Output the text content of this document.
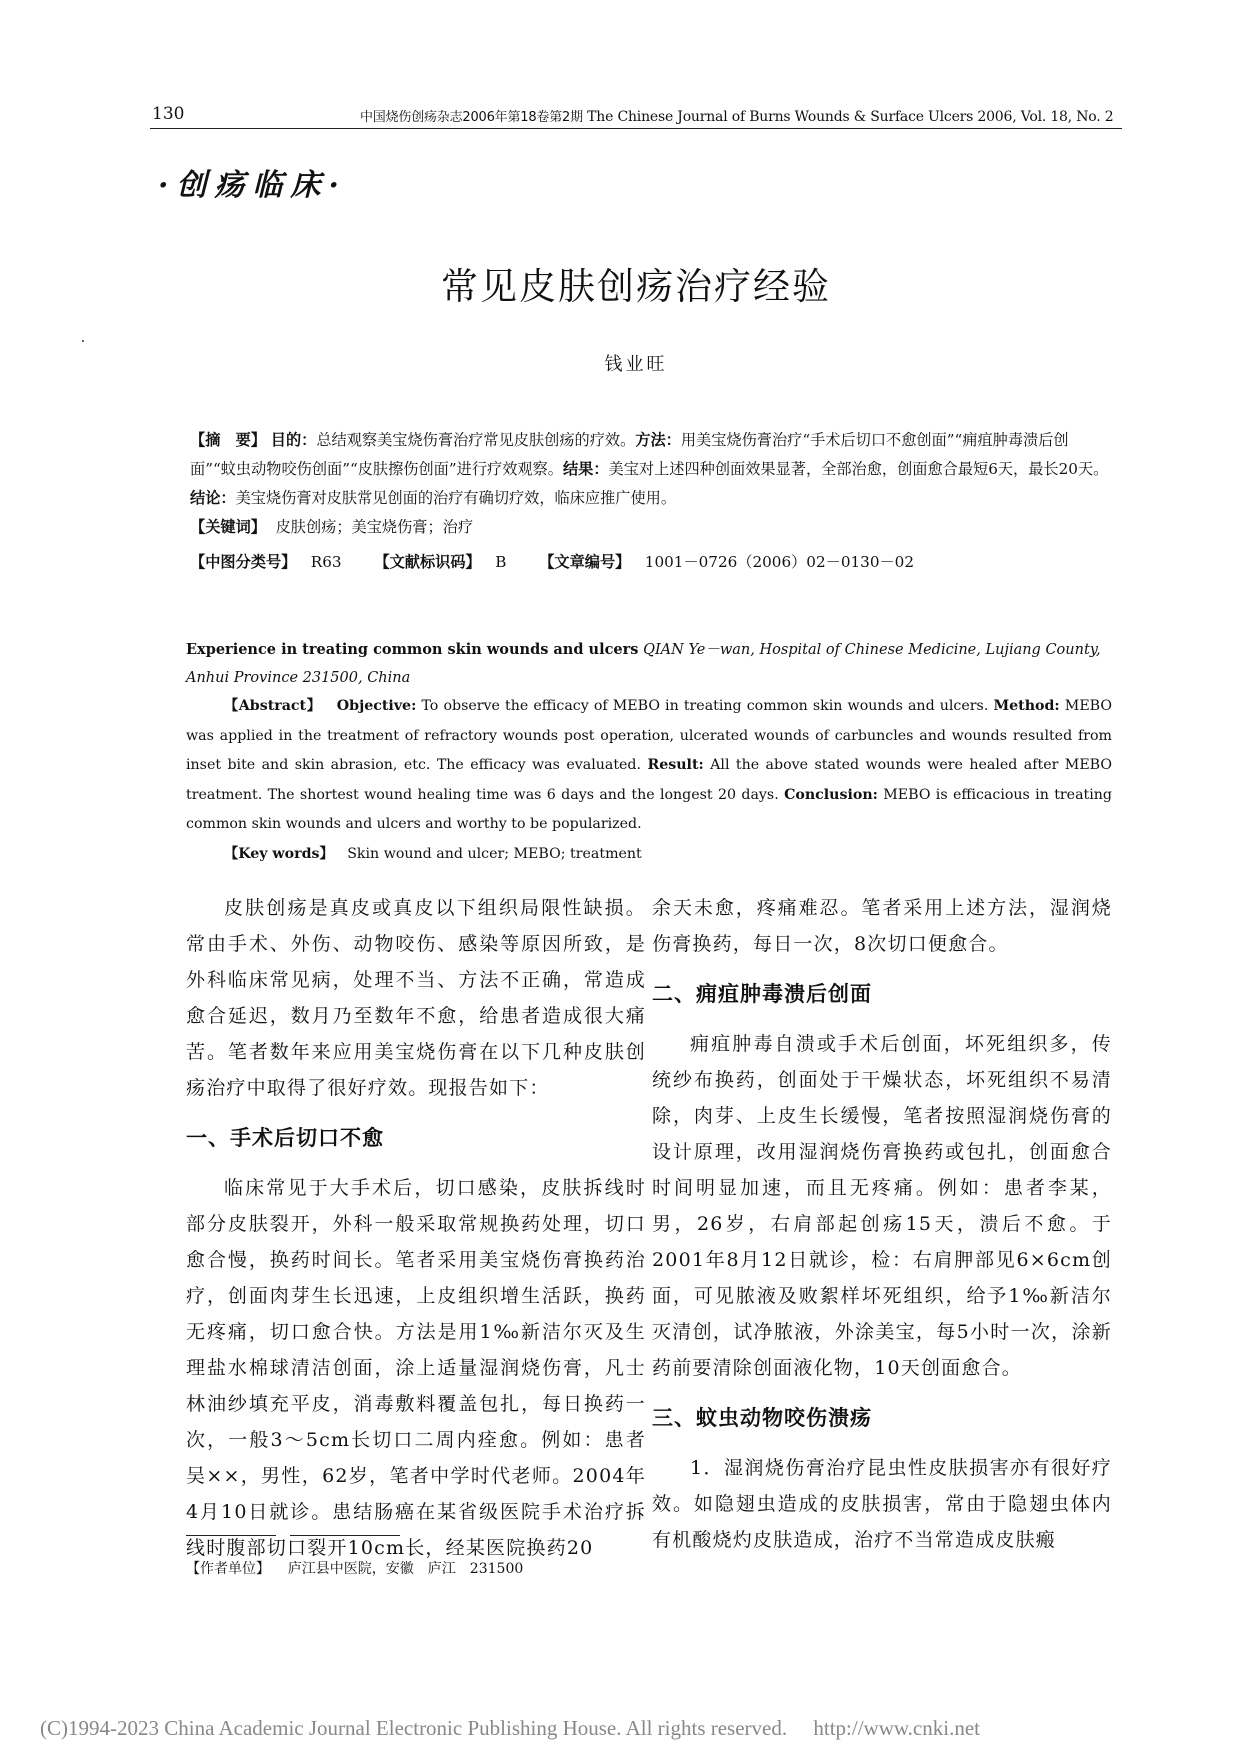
130	中国烧伤创疡杂志2006年第18卷第2期 The Chinese Journal of Burns Wounds & Surface Ulcers 2006, Vol. 18, No. 2
·创疡临床·
常见皮肤创疡治疗经验
钱业旺

【摘　要】 目的：总结观察美宝烧伤膏治疗常见皮肤创疡的疗效。方法：用美宝烧伤膏治疗“手术后切口不愈创面”“痈疽肿毒溃后创面”“蚊虫动物咬伤创面”“皮肤擦伤创面”进行疗效观察。结果：美宝对上述四种创面效果显著，全部治愈，创面愈合最短6天，最长20天。结论：美宝烧伤膏对皮肤常见创面的治疗有确切疗效，临床应推广使用。

【关键词】 皮肤创疡；美宝烧伤膏；治疗

【中图分类号】 R63 【文献标识码】 B 【文章编号】 1001－0726（2006）02－0130－02

Experience in treating common skin wounds and ulcers QIAN Ye－wan, Hospital of Chinese Medicine, Lujiang County, Anhui Province 231500, China

【Abstract】 Objective: To observe the efficacy of MEBO in treating common skin wounds and ulcers. Method: MEBO was applied in the treatment of refractory wounds post operation, ulcerated wounds of carbuncles and wounds resulted from inset bite and skin abrasion, etc. The efficacy was evaluated. Result: All the above stated wounds were healed after MEBO treatment. The shortest wound healing time was 6 days and the longest 20 days. Conclusion: MEBO is efficacious in treating common skin wounds and ulcers and worthy to be popularized.

【Key words】 Skin wound and ulcer; MEBO; treatment

皮肤创疡是真皮或真皮以下组织局限性缺损。常由手术、外伤、动物咬伤、感染等原因所致，是外科临床常见病，处理不当、方法不正确，常造成愈合延迟，数月乃至数年不愈，给患者造成很大痛苦。笔者数年来应用美宝烧伤膏在以下几种皮肤创疡治疗中取得了很好疗效。现报告如下：

一、手术后切口不愈

临床常见于大手术后，切口感染，皮肤拆线时部分皮肤裂开，外科一般采取常规换药处理，切口愈合慢，换药时间长。笔者采用美宝烧伤膏换药治疗，创面肉芽生长迅速，上皮组织增生活跃，换药无疼痛，切口愈合快。方法是用1‰新洁尔灭及生理盐水棉球清洁创面，涂上适量湿润烧伤膏，凡士林油纱填充平皮，消毒敷料覆盖包扎，每日换药一次，一般3～5cm长切口二周内痊愈。例如：患者吴××，男性，62岁，笔者中学时代老师。2004年4月10日就诊。患结肠癌在某省级医院手术治疗拆线时腹部切口裂开10cm长，经某医院换药20

余天未愈，疼痛难忍。笔者采用上述方法，湿润烧伤膏换药，每日一次，8次切口便愈合。

二、痈疽肿毒溃后创面

痈疽肿毒自溃或手术后创面，坏死组织多，传统纱布换药，创面处于干燥状态，坏死组织不易清除，肉芽、上皮生长缓慢，笔者按照湿润烧伤膏的设计原理，改用湿润烧伤膏换药或包扎，创面愈合时间明显加速，而且无疼痛。例如：患者李某，男，26岁，右肩部起创疡15天，溃后不愈。于2001年8月12日就诊，检：右肩胛部见6×6cm创面，可见脓液及败絮样坏死组织，给予1‰新洁尔灭清创，试净脓液，外涂美宝，每5小时一次，涂新药前要清除创面液化物，10天创面愈合。

三、蚊虫动物咬伤溃疡

1．湿润烧伤膏治疗昆虫性皮肤损害亦有很好疗效。如隐翅虫造成的皮肤损害，常由于隐翅虫体内有机酸烧灼皮肤造成，治疗不当常造成皮肤瘢

【作者单位】 庐江县中医院，安徽　庐江　231500
(C)1994-2023 China Academic Journal Electronic Publishing House. All rights reserved.　 http://www.cnki.net
